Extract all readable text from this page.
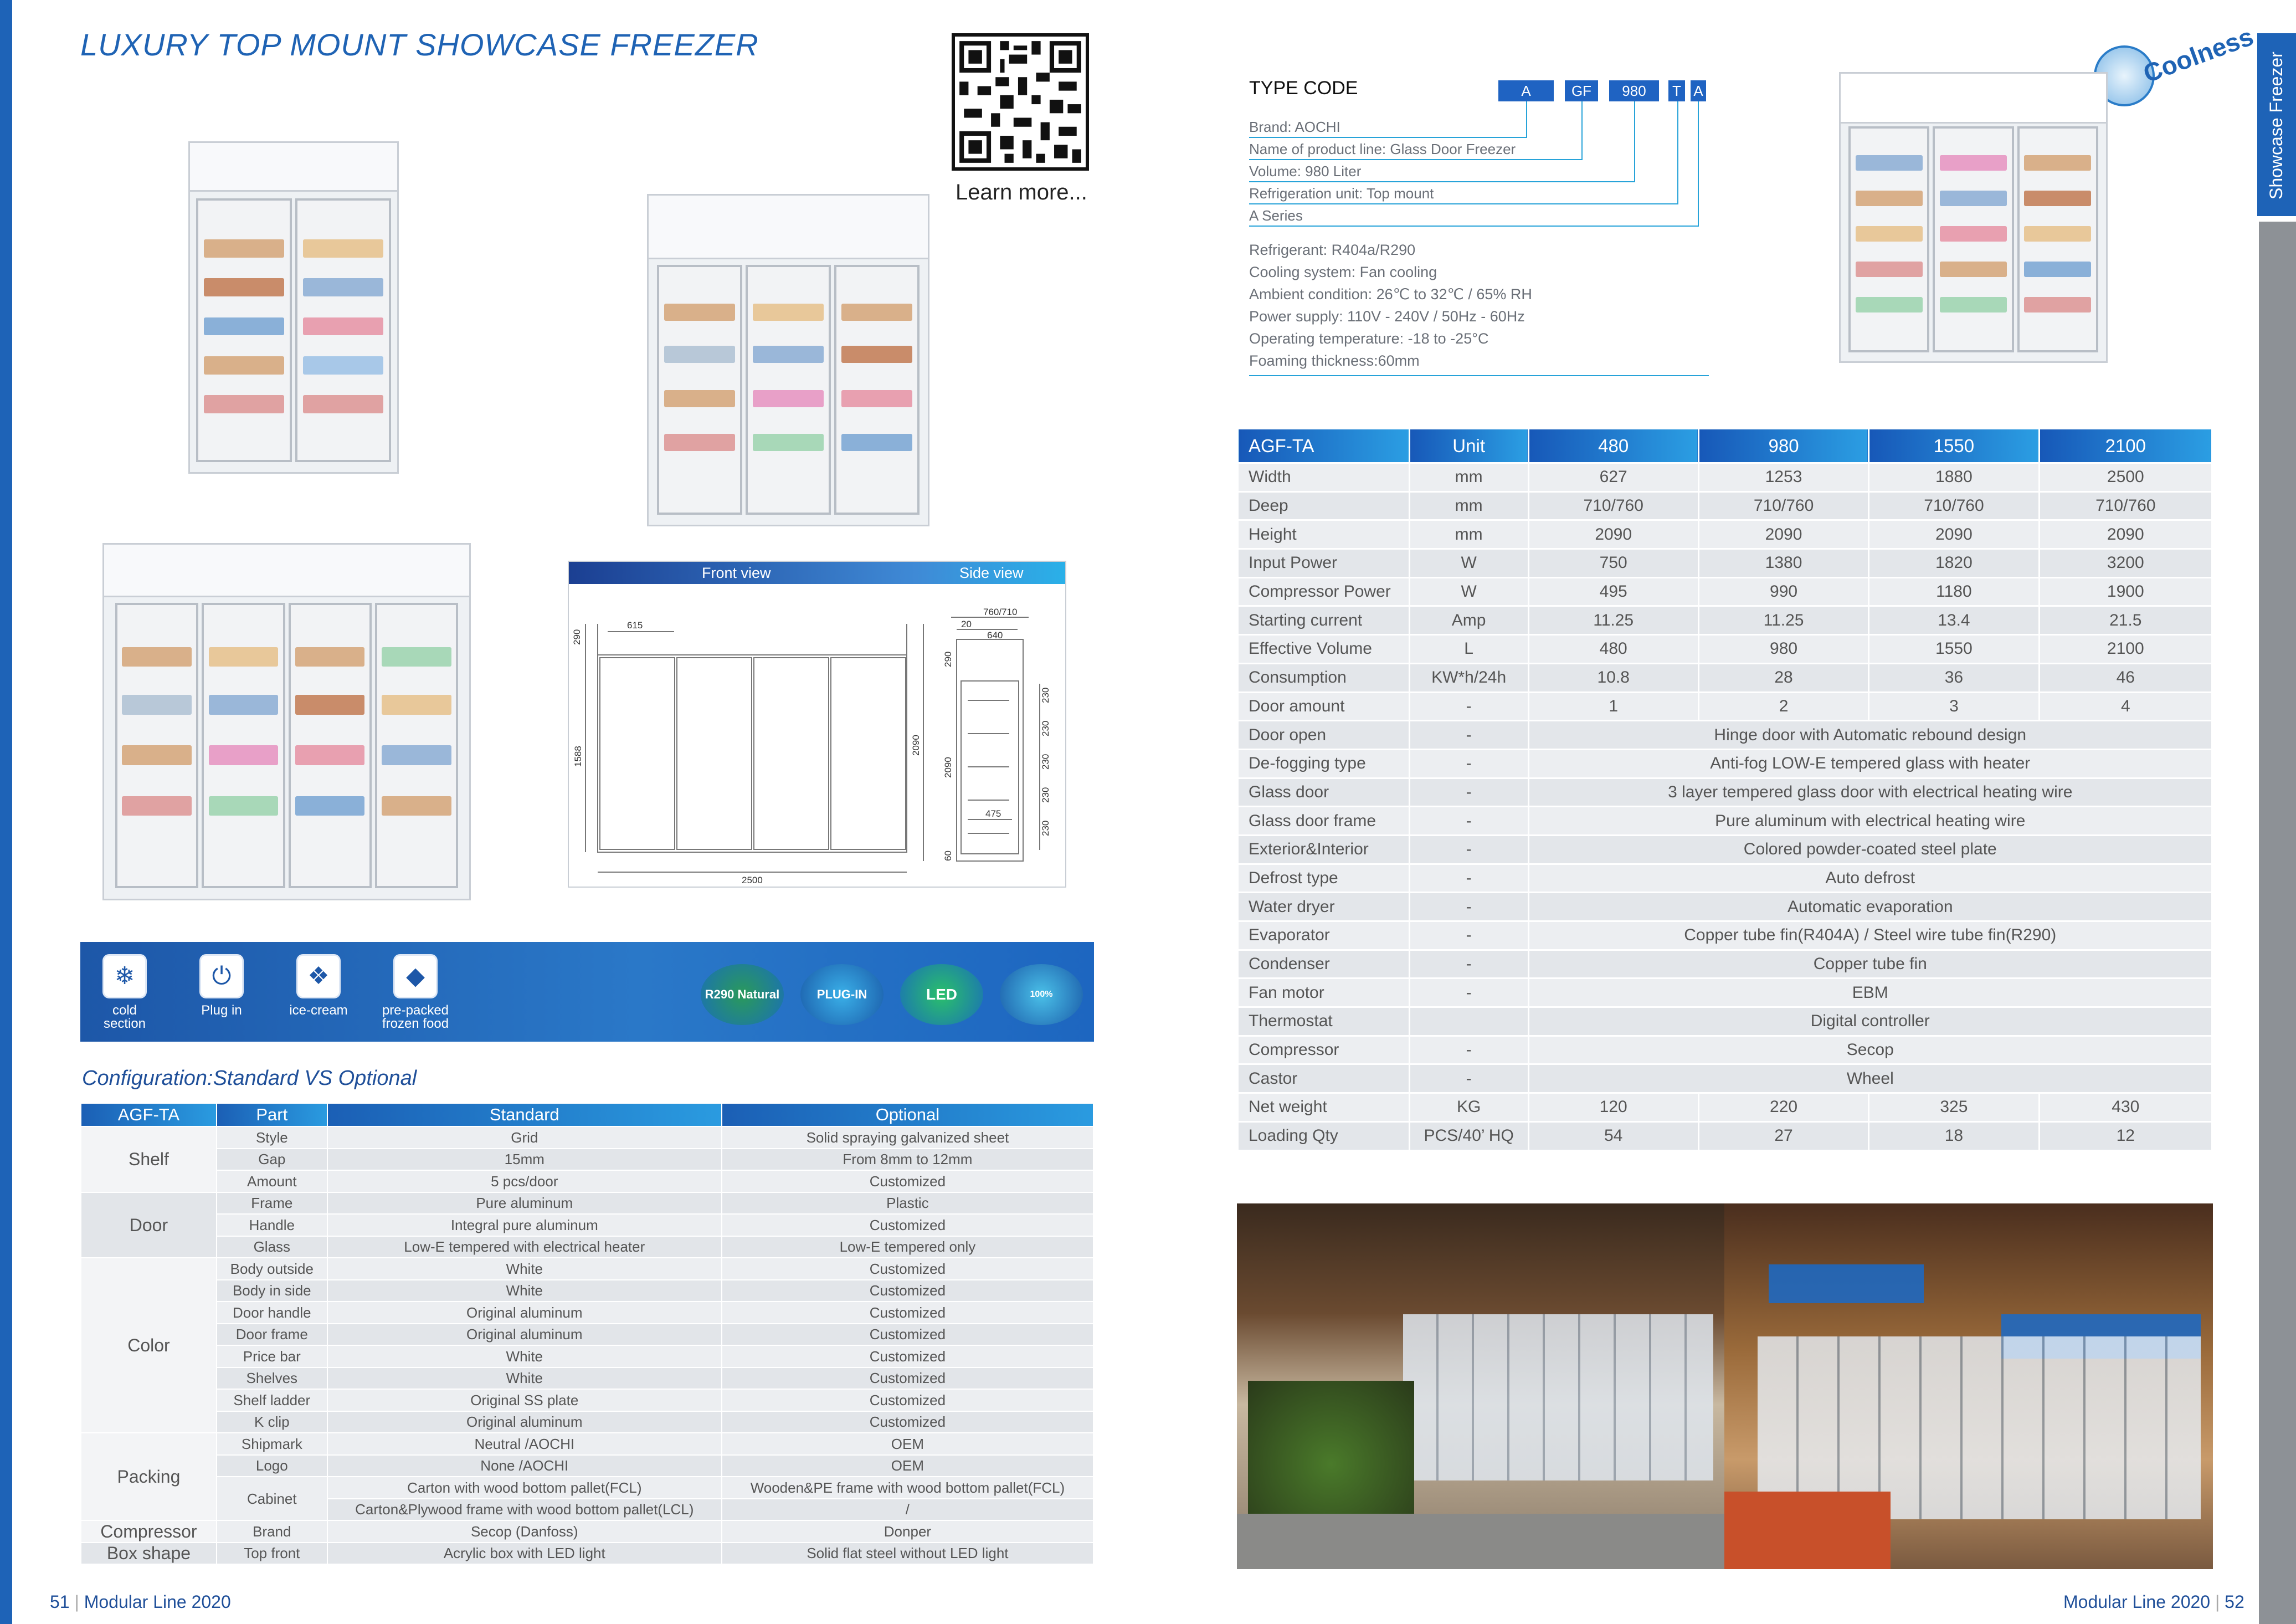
Showcase Freezer
LUXURY TOP MOUNT SHOWCASE FREEZER
Learn more...
Front view	Side view
615
290
1588
2090
2500
760/710
20
640
290
2090
475
60
230
230
230
230
230
❄
cold
section
⏻
Plug in
❖
ice-cream
◆
pre-packed
frozen food
R290 Natural	PLUG-IN	LED	100% fluorocarbons
Configuration:Standard VS Optional
AGF-TA	Part	Standard	Optional
Shelf	Style	Grid	Solid spraying galvanized sheet
	Gap	15mm	From 8mm to 12mm
	Amount	5 pcs/door	Customized
Door	Frame	Pure aluminum	Plastic
	Handle	Integral pure aluminum	Customized
	Glass	Low-E tempered with electrical heater	Low-E tempered only
Color	Body outside	White	Customized
	Body in side	White	Customized
	Door handle	Original aluminum	Customized
	Door frame	Original aluminum	Customized
	Price bar	White	Customized
	Shelves	White	Customized
	Shelf ladder	Original SS plate	Customized
	K clip	Original aluminum	Customized
Packing	Shipmark	Neutral /AOCHI	OEM
	Logo	None /AOCHI	OEM
	Cabinet	Carton with wood bottom pallet(FCL)	Wooden&PE frame with wood bottom pallet(FCL)
		Carton&Plywood frame with wood bottom pallet(LCL)	/
Compressor	Brand	Secop (Danfoss)	Donper
Box shape	Top front	Acrylic box with LED light	Solid flat steel without LED light
51 | Modular Line 2020
TYPE CODE	A	GF	980	T A
Brand: AOCHI
Name of product line: Glass Door Freezer
Volume: 980 Liter
Refrigeration unit: Top mount
A Series
Refrigerant: R404a/R290
Cooling system: Fan cooling
Ambient condition: 26℃ to 32℃ / 65% RH
Power supply: 110V - 240V / 50Hz - 60Hz
Operating temperature: -18 to -25°C
Foaming thickness:60mm
Coolness
AGF-TA	Unit	480	980	1550	2100
Width	mm	627	1253	1880	2500
Deep	mm	710/760	710/760	710/760	710/760
Height	mm	2090	2090	2090	2090
Input Power	W	750	1380	1820	3200
Compressor Power	W	495	990	1180	1900
Starting current	Amp	11.25	11.25	13.4	21.5
Effective Volume	L	480	980	1550	2100
Consumption	KW*h/24h	10.8	28	36	46
Door amount	-	1	2	3	4
Door open	-	Hinge door with Automatic rebound design			
De-fogging type	-	Anti-fog LOW-E tempered glass with heater			
Glass door	-	3 layer tempered glass door with electrical heating wire			
Glass door frame	-	Pure aluminum with electrical heating wire			
Exterior&Interior	-	Colored powder-coated steel plate			
Defrost type	-	Auto defrost			
Water dryer	-	Automatic evaporation			
Evaporator	-	Copper tube fin(R404A) / Steel wire tube fin(R290)			
Condenser	-	Copper tube fin			
Fan motor	-	EBM			
Thermostat		Digital controller			
Compressor	-	Secop			
Castor	-	Wheel			
Net weight	KG	120	220	325	430
Loading Qty	PCS/40’ HQ	54	27	18	12
Modular Line 2020 | 52
